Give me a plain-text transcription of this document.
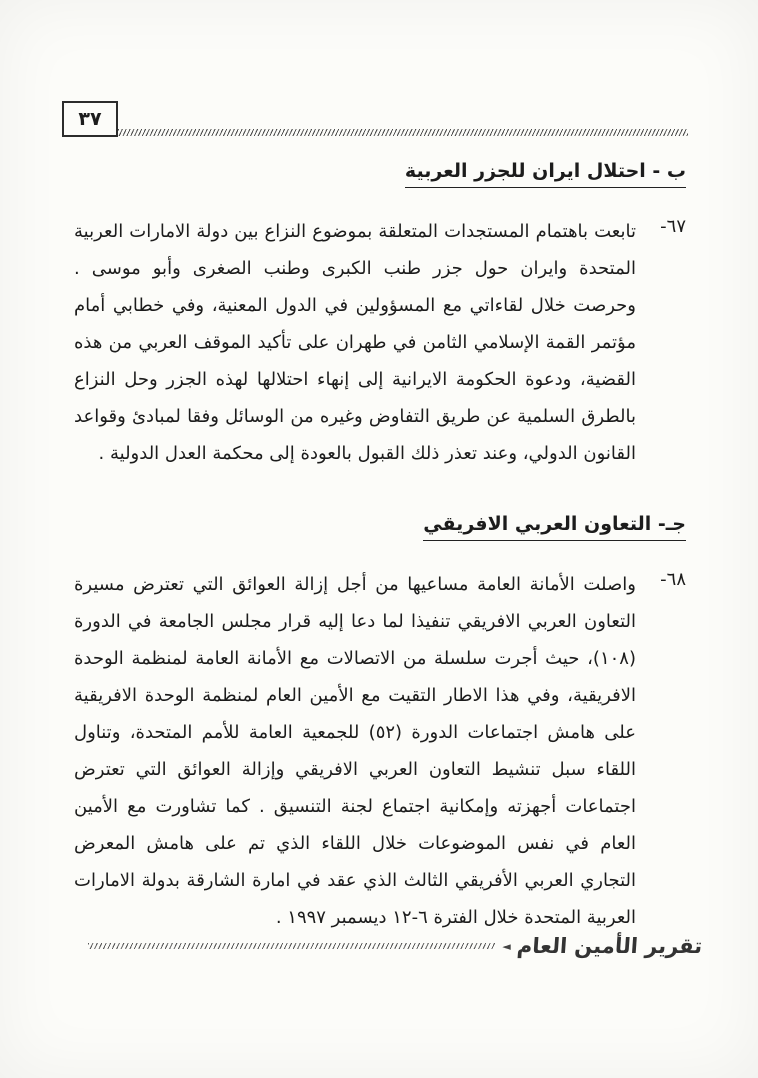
٣٧
ب - احتلال ايران للجزر العربية
٦٧-

تابعت باهتمام المستجدات المتعلقة بموضوع النزاع بين دولة الامارات العربية المتحدة وايران حول جزر طنب الكبرى وطنب الصغرى وأبو موسى . وحرصت خلال لقاءاتي مع المسؤولين في الدول المعنية، وفي خطابي أمام مؤتمر القمة الإسلامي الثامن في طهران على تأكيد الموقف العربي من هذه القضية، ودعوة الحكومة الايرانية إلى إنهاء احتلالها لهذه الجزر وحل النزاع بالطرق السلمية عن طريق التفاوض وغيره من الوسائل وفقا لمبادئ وقواعد القانون الدولي، وعند تعذر ذلك القبول بالعودة إلى محكمة العدل الدولية .

جـ- التعاون العربي الافريقي
٦٨-

واصلت الأمانة العامة مساعيها من أجل إزالة العوائق التي تعترض مسيرة التعاون العربي الافريقي تنفيذا لما دعا إليه قرار مجلس الجامعة في الدورة (١٠٨)، حيث أجرت سلسلة من الاتصالات مع الأمانة العامة لمنظمة الوحدة الافريقية، وفي هذا الاطار التقيت مع الأمين العام لمنظمة الوحدة الافريقية على هامش اجتماعات الدورة (٥٢) للجمعية العامة للأمم المتحدة، وتناول اللقاء سبل تنشيط التعاون العربي الافريقي وإزالة العوائق التي تعترض اجتماعات أجهزته وإمكانية اجتماع لجنة التنسيق . كما تشاورت مع الأمين العام في نفس الموضوعات خلال اللقاء الذي تم على هامش المعرض التجاري العربي الأفريقي الثالث الذي عقد في امارة الشارقة بدولة الامارات العربية المتحدة خلال الفترة ٦-١٢ ديسمبر ١٩٩٧ .

تقرير الأمين العام
◄
